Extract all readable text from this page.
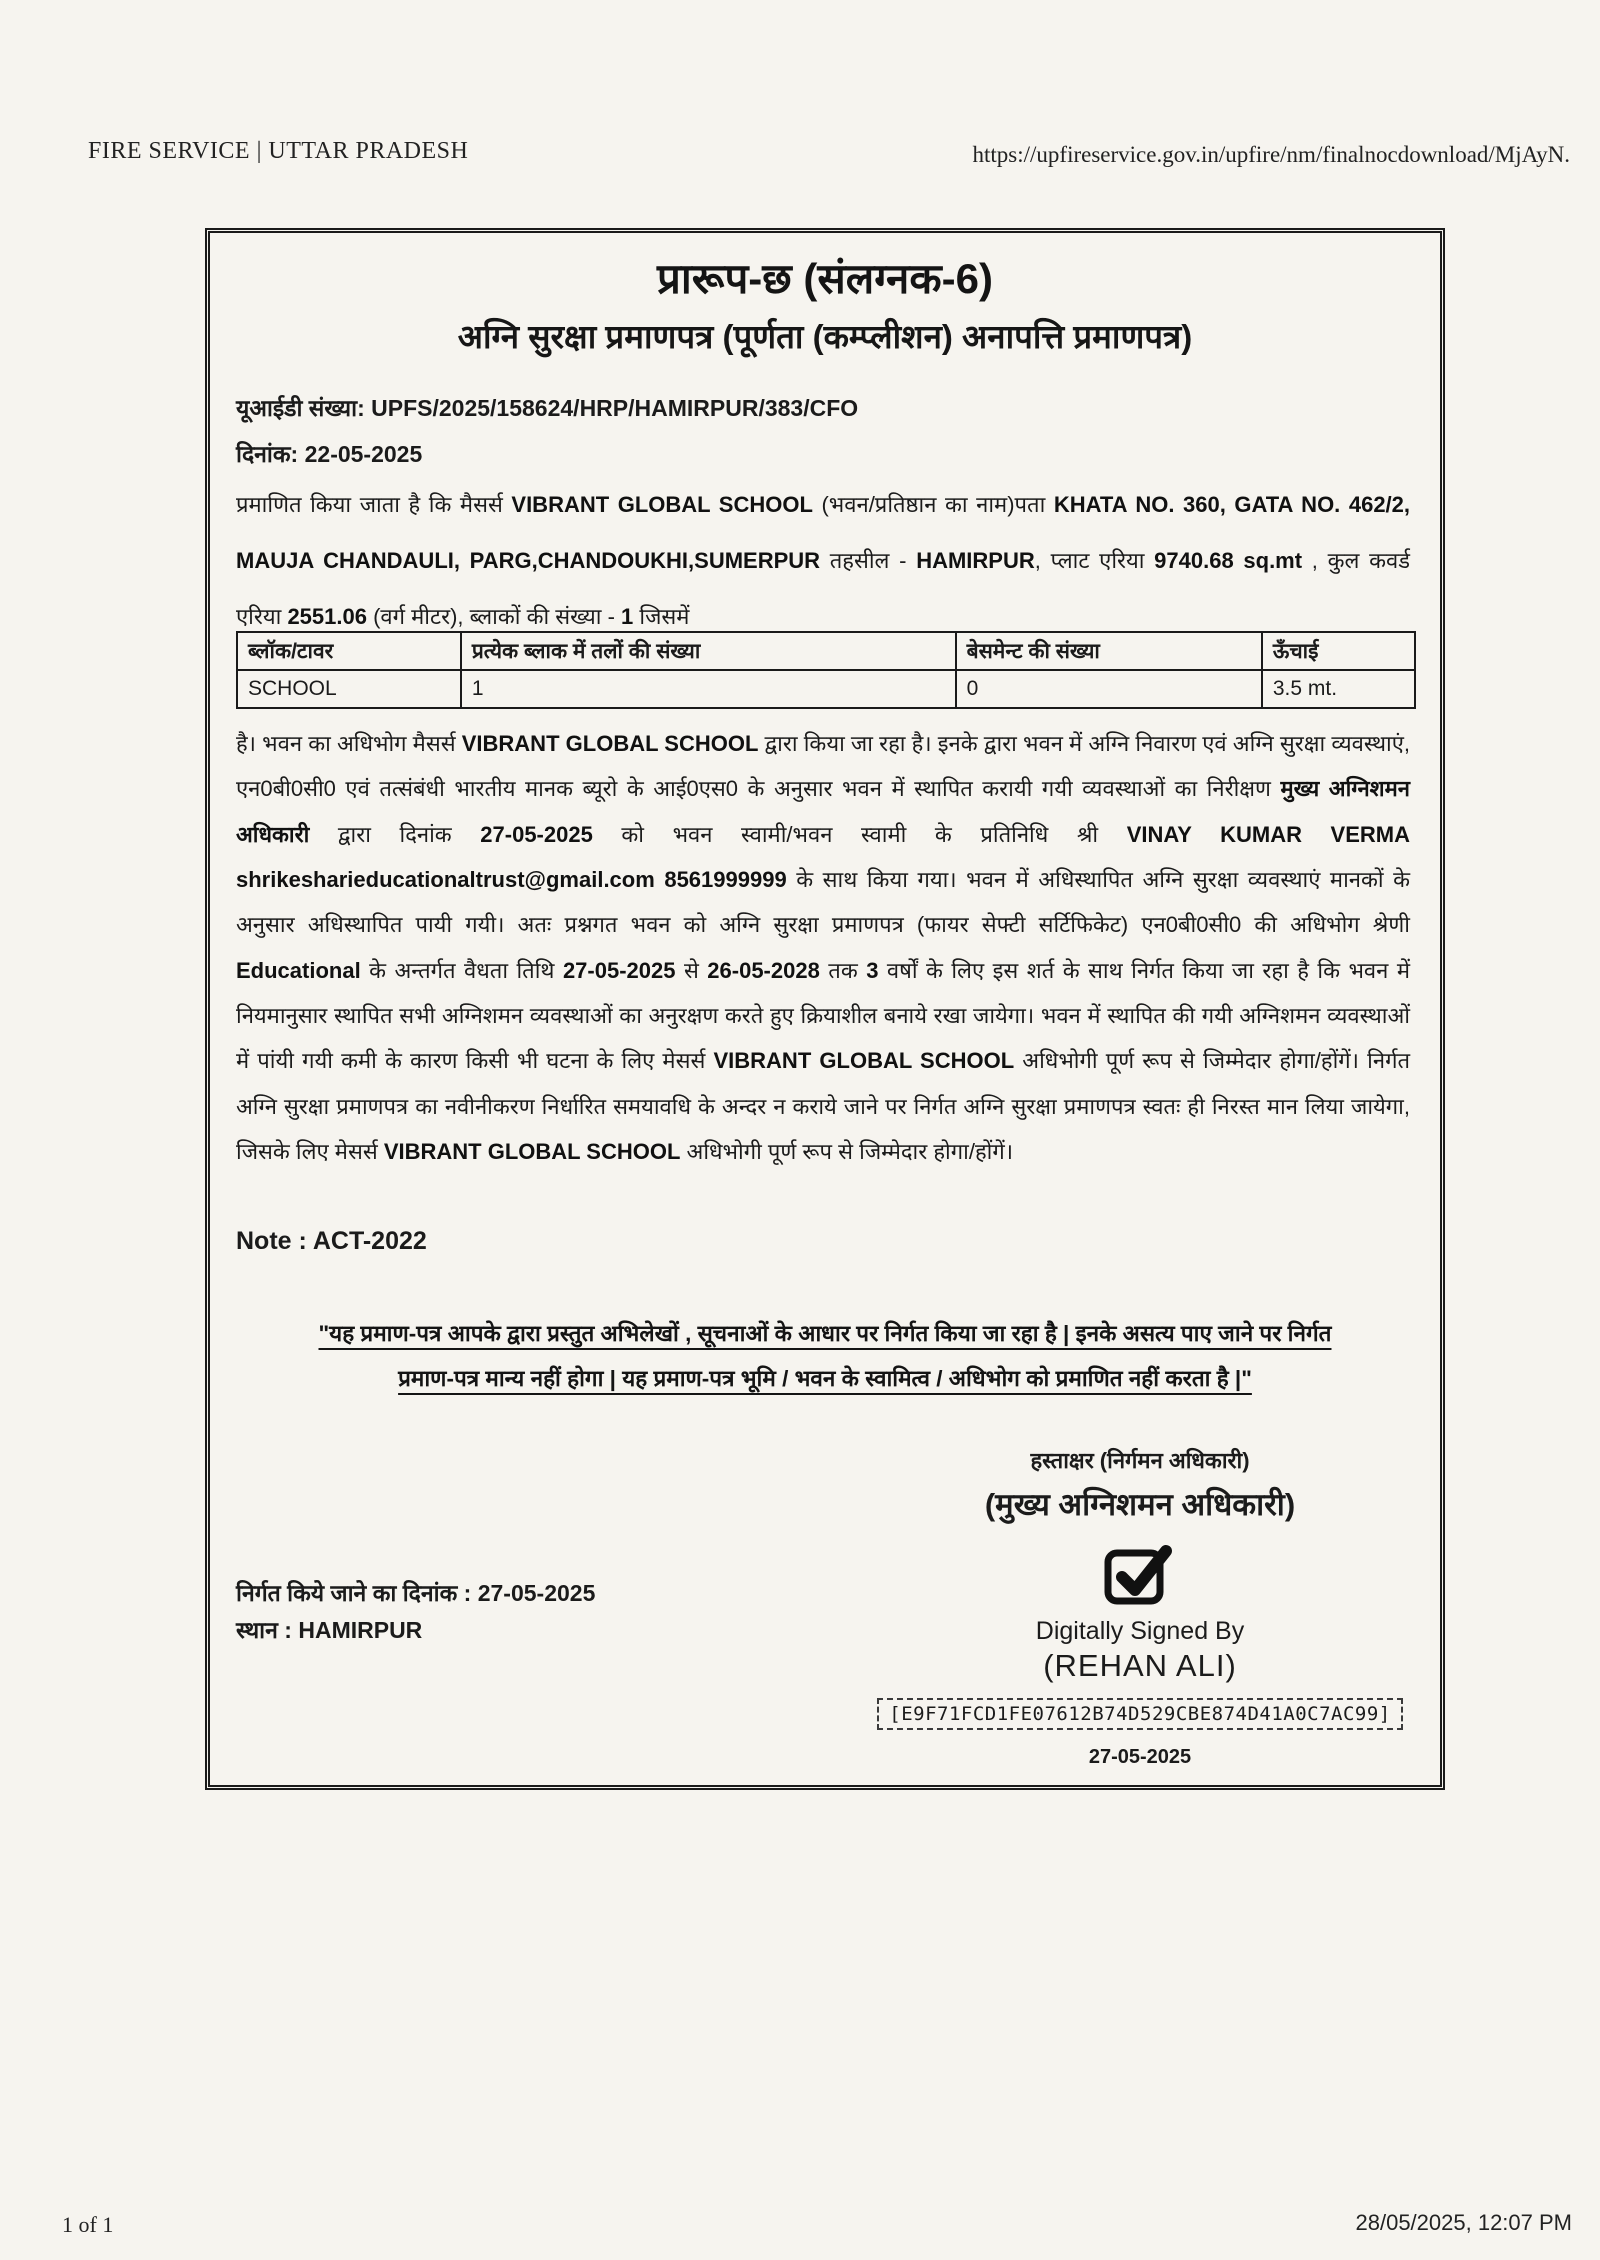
FIRE SERVICE | UTTAR PRADESH	https://upfireservice.gov.in/upfire/nm/finalnocdownload/MjAyN.
प्रारूप-छ (संलग्नक-6)
अग्नि सुरक्षा प्रमाणपत्र (पूर्णता (कम्प्लीशन) अनापत्ति प्रमाणपत्र)
यूआईडी संख्या: UPFS/2025/158624/HRP/HAMIRPUR/383/CFO
दिनांक: 22-05-2025
प्रमाणित किया जाता है कि मैसर्स VIBRANT GLOBAL SCHOOL (भवन/प्रतिष्ठान का नाम)पता KHATA NO. 360, GATA NO. 462/2, MAUJA CHANDAULI, PARG,CHANDOUKHI,SUMERPUR तहसील - HAMIRPUR, प्लाट एरिया 9740.68 sq.mt , कुल कवर्ड एरिया 2551.06 (वर्ग मीटर), ब्लाकों की संख्या - 1 जिसमें
ब्लॉक/टावर	प्रत्येक ब्लाक में तलों की संख्या	बेसमेन्ट की संख्या	ऊँचाई
SCHOOL	1	0	3.5 mt.
है। भवन का अधिभोग मैसर्स VIBRANT GLOBAL SCHOOL द्वारा किया जा रहा है। इनके द्वारा भवन में अग्नि निवारण एवं अग्नि सुरक्षा व्यवस्थाएं, एन0बी0सी0 एवं तत्संबंधी भारतीय मानक ब्यूरो के आई0एस0 के अनुसार भवन में स्थापित करायी गयी व्यवस्थाओं का निरीक्षण मुख्य अग्निशमन अधिकारी द्वारा दिनांक 27-05-2025 को भवन स्वामी/भवन स्वामी के प्रतिनिधि श्री VINAY KUMAR VERMA shrikesharieducationaltrust@gmail.com 8561999999 के साथ किया गया। भवन में अधिस्थापित अग्नि सुरक्षा व्यवस्थाएं मानकों के अनुसार अधिस्थापित पायी गयी। अतः प्रश्नगत भवन को अग्नि सुरक्षा प्रमाणपत्र (फायर सेफ्टी सर्टिफिकेट) एन0बी0सी0 की अधिभोग श्रेणी Educational के अन्तर्गत वैधता तिथि 27-05-2025 से 26-05-2028 तक 3 वर्षों के लिए इस शर्त के साथ निर्गत किया जा रहा है कि भवन में नियमानुसार स्थापित सभी अग्निशमन व्यवस्थाओं का अनुरक्षण करते हुए क्रियाशील बनाये रखा जायेगा। भवन में स्थापित की गयी अग्निशमन व्यवस्थाओं में पांयी गयी कमी के कारण किसी भी घटना के लिए मेसर्स VIBRANT GLOBAL SCHOOL अधिभोगी पूर्ण रूप से जिम्मेदार होगा/होंगें। निर्गत अग्नि सुरक्षा प्रमाणपत्र का नवीनीकरण निर्धारित समयावधि के अन्दर न कराये जाने पर निर्गत अग्नि सुरक्षा प्रमाणपत्र स्वतः ही निरस्त मान लिया जायेगा, जिसके लिए मेसर्स VIBRANT GLOBAL SCHOOL अधिभोगी पूर्ण रूप से जिम्मेदार होगा/होंगें।
Note : ACT-2022
"यह प्रमाण-पत्र आपके द्वारा प्रस्तुत अभिलेखों , सूचनाओं के आधार पर निर्गत किया जा रहा है | इनके असत्य पाए जाने पर निर्गत
प्रमाण-पत्र मान्य नहीं होगा | यह प्रमाण-पत्र भूमि / भवन के स्वामित्व / अधिभोग को प्रमाणित नहीं करता है |"
हस्ताक्षर (निर्गमन अधिकारी)
(मुख्य अग्निशमन अधिकारी)
Digitally Signed By
(REHAN ALI)
[E9F71FCD1FE07612B74D529CBE874D41A0C7AC99]
27-05-2025
निर्गत किये जाने का दिनांक : 27-05-2025
स्थान : HAMIRPUR
1 of 1	28/05/2025, 12:07 PM
